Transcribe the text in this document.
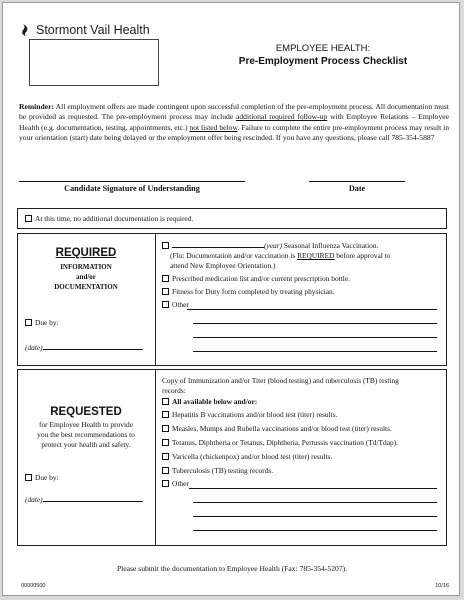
Stormont Vail Health
EMPLOYEE HEALTH:
Pre-Employment Process Checklist
Reminder: All employment offers are made contingent upon successful completion of the pre-employment process. All documentation must be provided as requested. The pre-employment process may include additional required follow-up with Employee Relations – Employee Health (e.g. documentation, testing, appointments, etc.) not listed below. Failure to complete the entire pre-employment process may result in your orientation (start) date being delayed or the employment offer being rescinded. If you have any questions, please call 785-354-5887
Candidate Signature of Understanding	Date
At this time, no additional documentation is required.
REQUIRED
INFORMATION
and/or
DOCUMENTATION
Due by:
(date)
(year) Seasonal Influenza Vaccination.
(Flu: Documentation and/or vaccination is REQUIRED before approval to
attend New Employee Orientation.)
Prescribed medication list and/or current prescription bottle.
Fitness for Duty form completed by treating physician.
Other
REQUESTED
for Employee Health to provide
you the best recommendations to
protect your health and safety.
Due by:
(date)
Copy of Immunization and/or Titer (blood testing) and tuberculosis (TB) testing
records:
All available below and/or:
Hepatitis B vaccinations and/or blood test (titer) results.
Measles, Mumps and Rubella vaccinations and/or blood test (titer) results.
Tetanus, Diphtheria or Tetanus, Diphtheria, Pertussis vaccination (Td/Tdap).
Varicella (chickenpox) and/or blood test (titer) results.
Tuberculosis (TB) testing records.
Other
Please submit the documentation to Employee Health (Fax: 785-354-5207).
00000500	10/16
